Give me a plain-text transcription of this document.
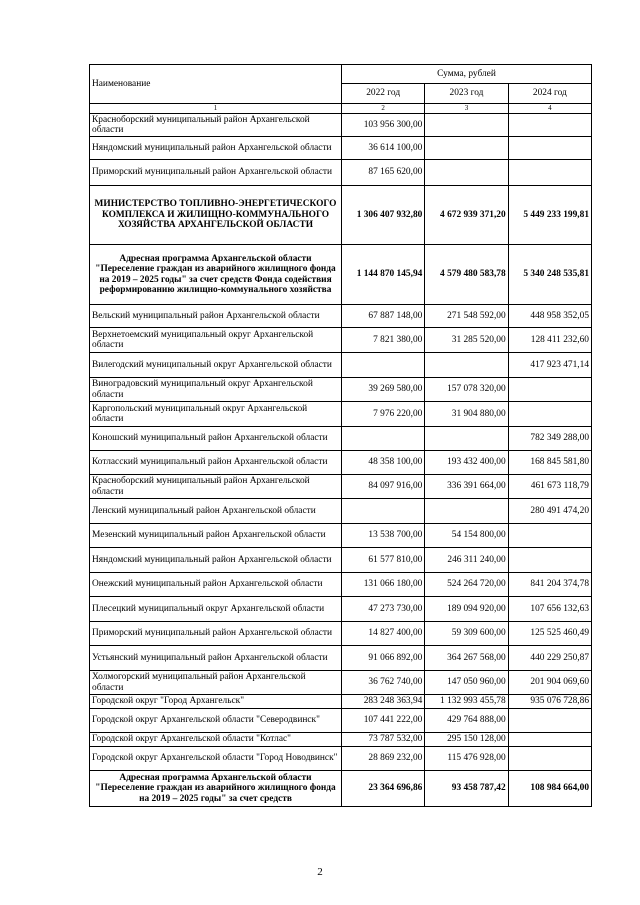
Наименование	Сумма, рублей		
	2022 год	2023 год	2024 год
1	2	3	4
Красноборский муниципальный район Архангельской области	103 956 300,00		
Няндомский муниципальный район Архангельской области	36 614 100,00		
Приморский муниципальный район Архангельской области	87 165 620,00		
МИНИСТЕРСТВО ТОПЛИВНО-ЭНЕРГЕТИЧЕСКОГО КОМПЛЕКСА И ЖИЛИЩНО-КОММУНАЛЬНОГО ХОЗЯЙСТВА АРХАНГЕЛЬСКОЙ ОБЛАСТИ	1 306 407 932,80	4 672 939 371,20	5 449 233 199,81
Адресная программа Архангельской области "Переселение граждан из аварийного жилищного фонда на 2019 – 2025 годы" за счет средств Фонда содействия реформированию жилищно-коммунального хозяйства	1 144 870 145,94	4 579 480 583,78	5 340 248 535,81
Вельский муниципальный район Архангельской области	67 887 148,00	271 548 592,00	448 958 352,05
Верхнетоемский муниципальный округ Архангельской области	7 821 380,00	31 285 520,00	128 411 232,60
Вилегодский муниципальный округ Архангельской области			417 923 471,14
Виноградовский муниципальный округ Архангельской области	39 269 580,00	157 078 320,00	
Каргопольский муниципальный округ Архангельской области	7 976 220,00	31 904 880,00	
Коношский муниципальный район Архангельской области			782 349 288,00
Котласский муниципальный район Архангельской области	48 358 100,00	193 432 400,00	168 845 581,80
Красноборский муниципальный район Архангельской области	84 097 916,00	336 391 664,00	461 673 118,79
Ленский муниципальный район Архангельской области			280 491 474,20
Мезенский муниципальный район Архангельской области	13 538 700,00	54 154 800,00	
Няндомский муниципальный район Архангельской области	61 577 810,00	246 311 240,00	
Онежский муниципальный район Архангельской области	131 066 180,00	524 264 720,00	841 204 374,78
Плесецкий муниципальный округ Архангельской области	47 273 730,00	189 094 920,00	107 656 132,63
Приморский муниципальный район Архангельской области	14 827 400,00	59 309 600,00	125 525 460,49
Устьянский муниципальный район Архангельской области	91 066 892,00	364 267 568,00	440 229 250,87
Холмогорский муниципальный район Архангельской области	36 762 740,00	147 050 960,00	201 904 069,60
Городской округ "Город Архангельск"	283 248 363,94	1 132 993 455,78	935 076 728,86
Городской округ Архангельской области "Северодвинск"	107 441 222,00	429 764 888,00	
Городской округ Архангельской области "Котлас"	73 787 532,00	295 150 128,00	
Городской округ Архангельской области "Город Новодвинск"	28 869 232,00	115 476 928,00	
Адресная программа Архангельской области "Переселение граждан из аварийного жилищного фонда на 2019 – 2025 годы" за счет средств	23 364 696,86	93 458 787,42	108 984 664,00
2
